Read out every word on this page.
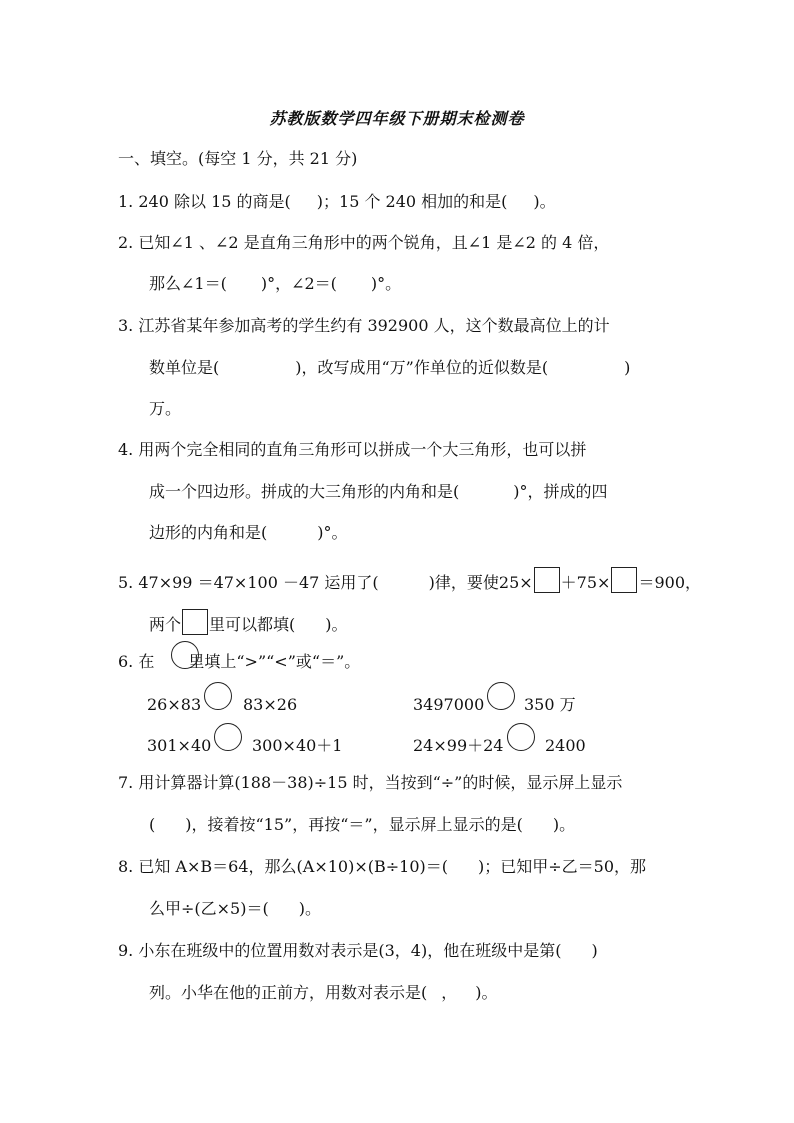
苏教版数学四年级下册期末检测卷
一、填空。(每空 1 分，共 21 分)
1. 240 除以 15 的商是( )；15 个 240 相加的和是( )。
2. 已知∠1 、∠2 是直角三角形中的两个锐角，且∠1 是∠2 的 4 倍，
那么∠1＝( )°，∠2＝( )°。
3. 江苏省某年参加高考的学生约有 392900 人，这个数最高位上的计
数单位是(	)，改写成用“万”作单位的近似数是(	)
万。
4. 用两个完全相同的直角三角形可以拼成一个大三角形，也可以拼
成一个四边形。拼成的大三角形的内角和是(	)°，拼成的四
边形的内角和是(	)°。
5. 47×99 ＝47×100 －47 运用了(	)律，要使25× ＋75× ＝900，
两个 里可以都填( )。
6. 在 里填上“>”“<”或“＝”。
26×83	83×26	3497000 350 万
301×40	300×40＋1	24×99＋24	2400
7. 用计算器计算(188－38)÷15 时，当按到“÷”的时候，显示屏上显示
( )，接着按“15”，再按“＝”，显示屏上显示的是( )。
8. 已知 A×B＝64，那么(A×10)×(B÷10)＝( )；已知甲÷乙＝50，那
么甲÷(乙×5)＝( )。
9. 小东在班级中的位置用数对表示是(3，4)，他在班级中是第( )
列。小华在他的正前方，用数对表示是( ， )。
